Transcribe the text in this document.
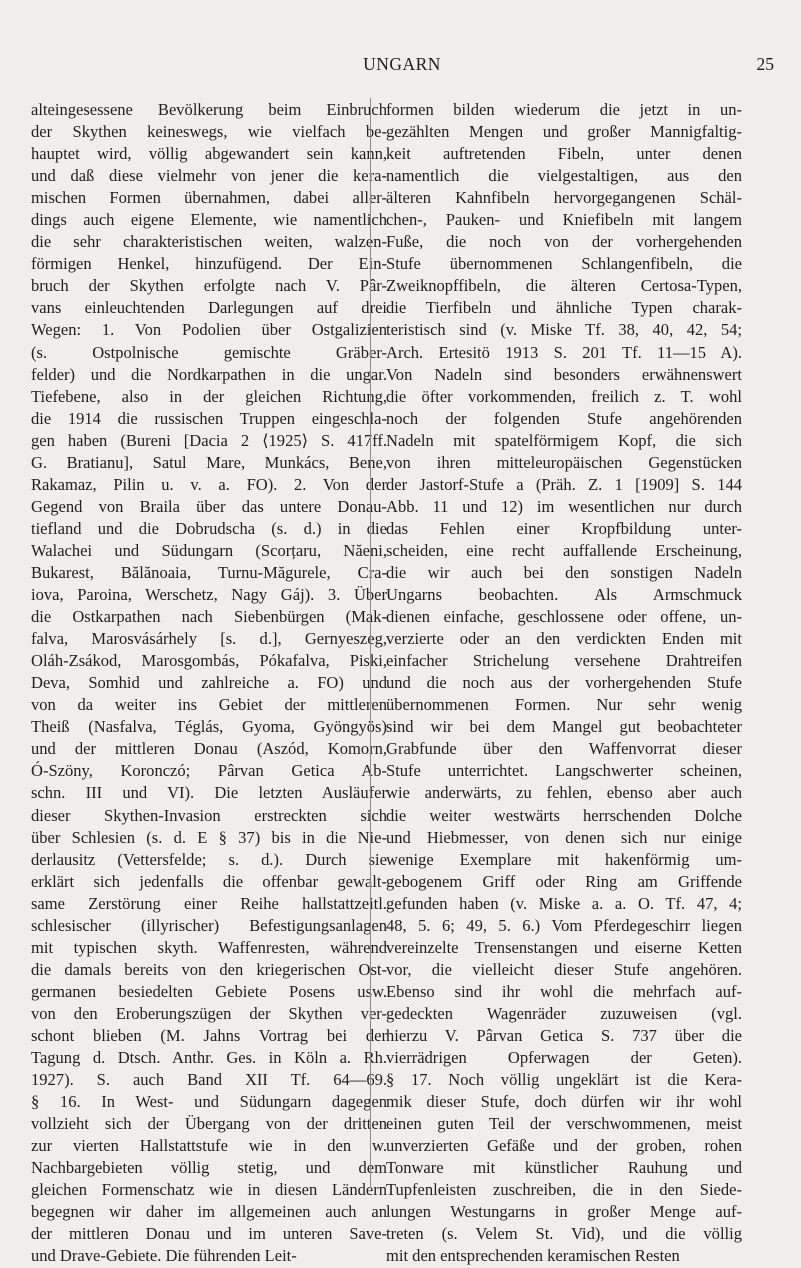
UNGARN	25
alteingesessene Bevölkerung beim Einbruch
der Skythen keineswegs, wie vielfach be-
hauptet wird, völlig abgewandert sein kann,
und daß diese vielmehr von jener die kera-
mischen Formen übernahmen, dabei aller-
dings auch eigene Elemente, wie namentlich
die sehr charakteristischen weiten, walzen-
förmigen Henkel, hinzufügend. Der Ein-
bruch der Skythen erfolgte nach V. Pâr-
vans einleuchtenden Darlegungen auf drei
Wegen: 1. Von Podolien über Ostgalizien
(s. Ostpolnische gemischte Gräber-
felder) und die Nordkarpathen in die ungar.
Tiefebene, also in der gleichen Richtung,
die 1914 die russischen Truppen eingeschla-
gen haben (Bureni [Dacia 2 ⟨1925⟩ S. 417ff.
G. Bratianu], Satul Mare, Munkács, Bene,
Rakamaz, Pilin u. v. a. FO). 2. Von der
Gegend von Braila über das untere Donau-
tiefland und die Dobrudscha (s. d.) in die
Walachei und Südungarn (Scorțaru, Năeni,
Bukarest, Bălănoaia, Turnu-Măgurele, Cra-
iova, Paroina, Werschetz, Nagy Gáj). 3. Über
die Ostkarpathen nach Siebenbürgen (Mak-
falva, Marosvásárhely [s. d.], Gernyeszeg,
Oláh-Zsákod, Marosgombás, Pókafalva, Piski,
Deva, Somhid und zahlreiche a. FO) und
von da weiter ins Gebiet der mittleren
Theiß (Nasfalva, Téglás, Gyoma, Gyöngyös)
und der mittleren Donau (Aszód, Komorn,
Ó-Szöny, Koronczó; Pârvan Getica Ab-
schn. III und VI). Die letzten Ausläufer
dieser Skythen-Invasion erstreckten sich
über Schlesien (s. d. E § 37) bis in die Nie-
derlausitz (Vettersfelde; s. d.). Durch sie
erklärt sich jedenfalls die offenbar gewalt-
same Zerstörung einer Reihe hallstattzeitl.
schlesischer (illyrischer) Befestigungsanlagen
mit typischen skyth. Waffenresten, während
die damals bereits von den kriegerischen Ost-
germanen besiedelten Gebiete Posens usw.
von den Eroberungszügen der Skythen ver-
schont blieben (M. Jahns Vortrag bei der
Tagung d. Dtsch. Anthr. Ges. in Köln a. Rh.
1927). S. auch Band XII Tf. 64—69.
§ 16. In West- und Südungarn dagegen
vollzieht sich der Übergang von der dritten
zur vierten Hallstattstufe wie in den w.
Nachbargebieten völlig stetig, und dem
gleichen Formenschatz wie in diesen Ländern
begegnen wir daher im allgemeinen auch an
der mittleren Donau und im unteren Save-
und Drave-Gebiete. Die führenden Leit-
formen bilden wiederum die jetzt in un-
gezählten Mengen und großer Mannigfaltig-
keit auftretenden Fibeln, unter denen
namentlich die vielgestaltigen, aus den
älteren Kahnfibeln hervorgegangenen Schäl-
chen-, Pauken- und Kniefibeln mit langem
Fuße, die noch von der vorhergehenden
Stufe übernommenen Schlangenfibeln, die
Zweiknopffibeln, die älteren Certosa-Typen,
die Tierfibeln und ähnliche Typen charak-
teristisch sind (v. Miske Tf. 38, 40, 42, 54;
Arch. Ertesitö 1913 S. 201 Tf. 11—15 A).
Von Nadeln sind besonders erwähnenswert
die öfter vorkommenden, freilich z. T. wohl
noch der folgenden Stufe angehörenden
Nadeln mit spatelförmigem Kopf, die sich
von ihren mitteleuropäischen Gegenstücken
der Jastorf-Stufe a (Präh. Z. 1 [1909] S. 144
Abb. 11 und 12) im wesentlichen nur durch
das Fehlen einer Kropfbildung unter-
scheiden, eine recht auffallende Erscheinung,
die wir auch bei den sonstigen Nadeln
Ungarns beobachten. Als Armschmuck
dienen einfache, geschlossene oder offene, un-
verzierte oder an den verdickten Enden mit
einfacher Strichelung versehene Drahtreifen
und die noch aus der vorhergehenden Stufe
übernommenen Formen. Nur sehr wenig
sind wir bei dem Mangel gut beobachteter
Grabfunde über den Waffenvorrat dieser
Stufe unterrichtet. Langschwerter scheinen,
wie anderwärts, zu fehlen, ebenso aber auch
die weiter westwärts herrschenden Dolche
und Hiebmesser, von denen sich nur einige
wenige Exemplare mit hakenförmig um-
gebogenem Griff oder Ring am Griffende
gefunden haben (v. Miske a. a. O. Tf. 47, 4;
48, 5. 6; 49, 5. 6.) Vom Pferdegeschirr liegen
vereinzelte Trensenstangen und eiserne Ketten
vor, die vielleicht dieser Stufe angehören.
Ebenso sind ihr wohl die mehrfach auf-
gedeckten Wagenräder zuzuweisen (vgl.
hierzu V. Pârvan Getica S. 737 über die
vierrädrigen Opferwagen der Geten).
§ 17. Noch völlig ungeklärt ist die Kera-
mik dieser Stufe, doch dürfen wir ihr wohl
einen guten Teil der verschwommenen, meist
unverzierten Gefäße und der groben, rohen
Tonware mit künstlicher Rauhung und
Tupfenleisten zuschreiben, die in den Siede-
lungen Westungarns in großer Menge auf-
treten (s. Velem St. Vid), und die völlig
mit den entsprechenden keramischen Resten
